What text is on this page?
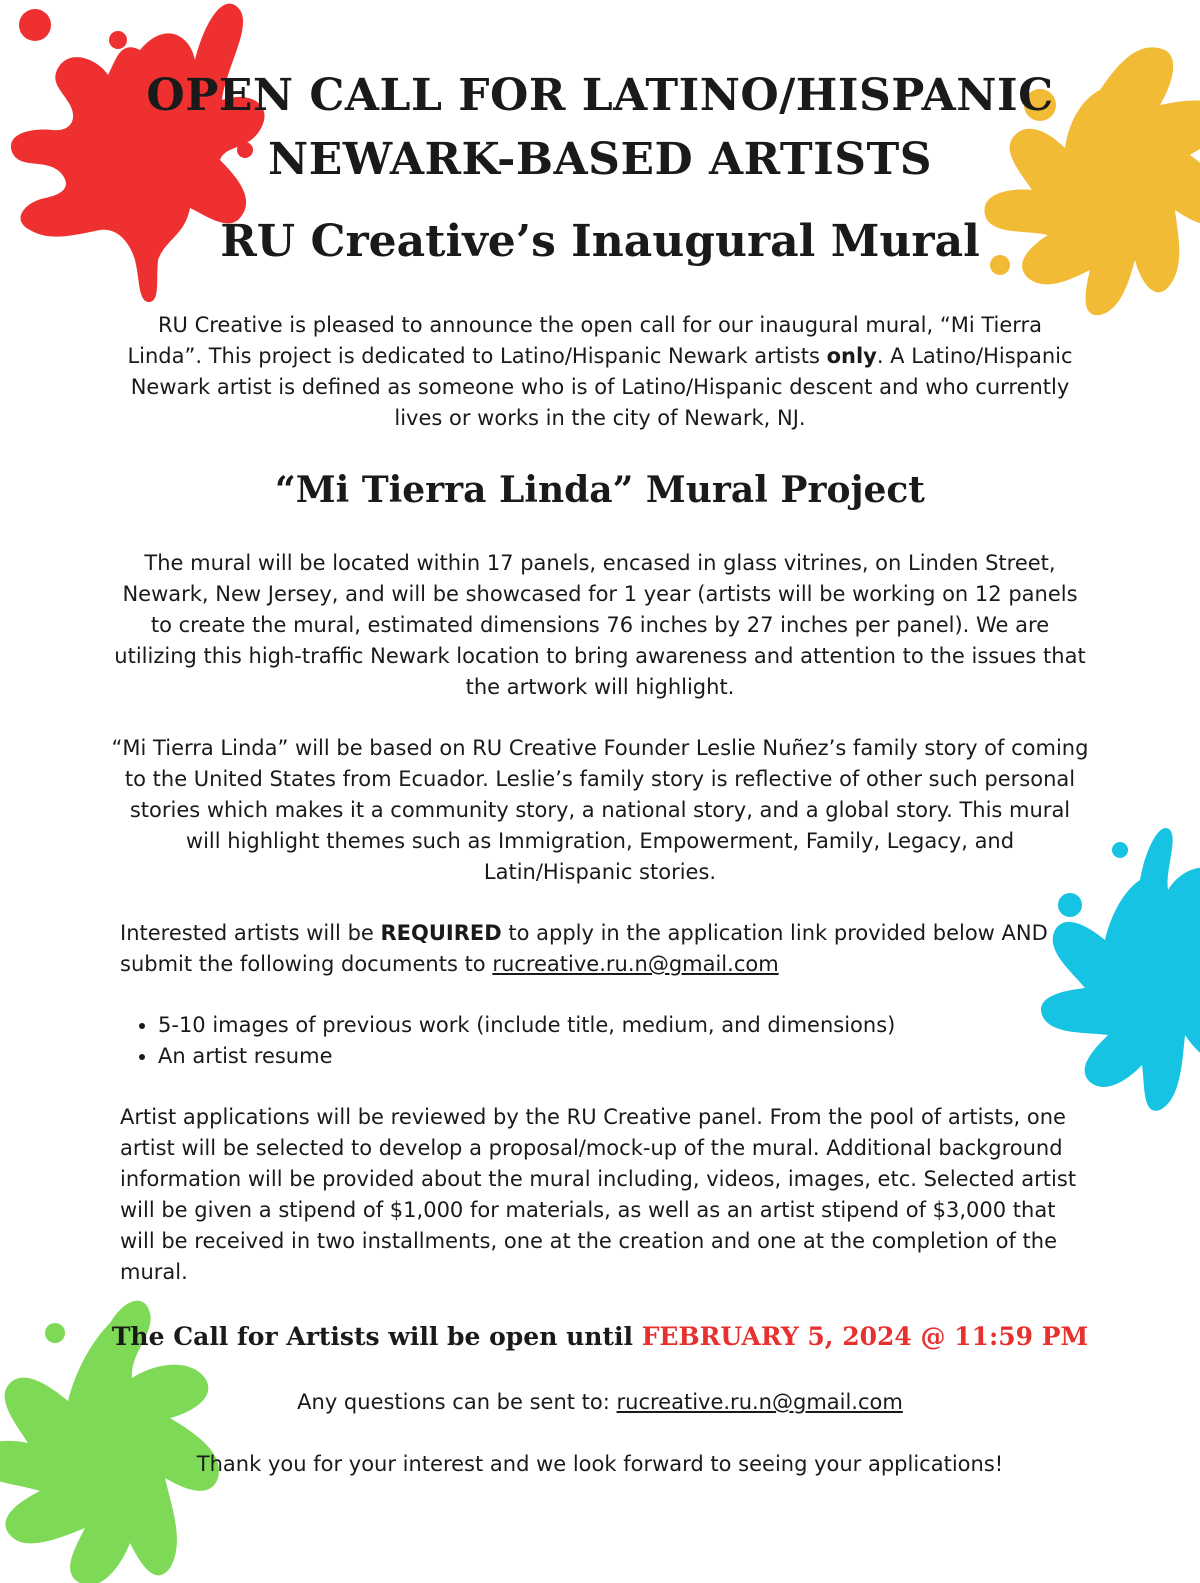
OPEN CALL FOR LATINO/HISPANIC
NEWARK-BASED ARTISTS
RU Creative’s Inaugural Mural
RU Creative is pleased to announce the open call for our inaugural mural, “Mi Tierra Linda”. This project is dedicated to Latino/Hispanic Newark artists only. A Latino/Hispanic Newark artist is defined as someone who is of Latino/Hispanic descent and who currently lives or works in the city of Newark, NJ.
“Mi Tierra Linda” Mural Project
The mural will be located within 17 panels, encased in glass vitrines, on Linden Street, Newark, New Jersey, and will be showcased for 1 year (artists will be working on 12 panels to create the mural, estimated dimensions 76 inches by 27 inches per panel). We are utilizing this high-traffic Newark location to bring awareness and attention to the issues that the artwork will highlight.
“Mi Tierra Linda” will be based on RU Creative Founder Leslie Nuñez’s family story of coming to the United States from Ecuador. Leslie’s family story is reflective of other such personal stories which makes it a community story, a national story, and a global story. This mural will highlight themes such as Immigration, Empowerment, Family, Legacy, and Latin/Hispanic stories.
Interested artists will be REQUIRED to apply in the application link provided below AND submit the following documents to rucreative.ru.n@gmail.com
• 5-10 images of previous work (include title, medium, and dimensions)
• An artist resume
Artist applications will be reviewed by the RU Creative panel. From the pool of artists, one artist will be selected to develop a proposal/mock-up of the mural. Additional background information will be provided about the mural including, videos, images, etc. Selected artist will be given a stipend of $1,000 for materials, as well as an artist stipend of $3,000 that will be received in two installments, one at the creation and one at the completion of the mural.
The Call for Artists will be open until FEBRUARY 5, 2024 @ 11:59 PM
Any questions can be sent to: rucreative.ru.n@gmail.com
Thank you for your interest and we look forward to seeing your applications!
